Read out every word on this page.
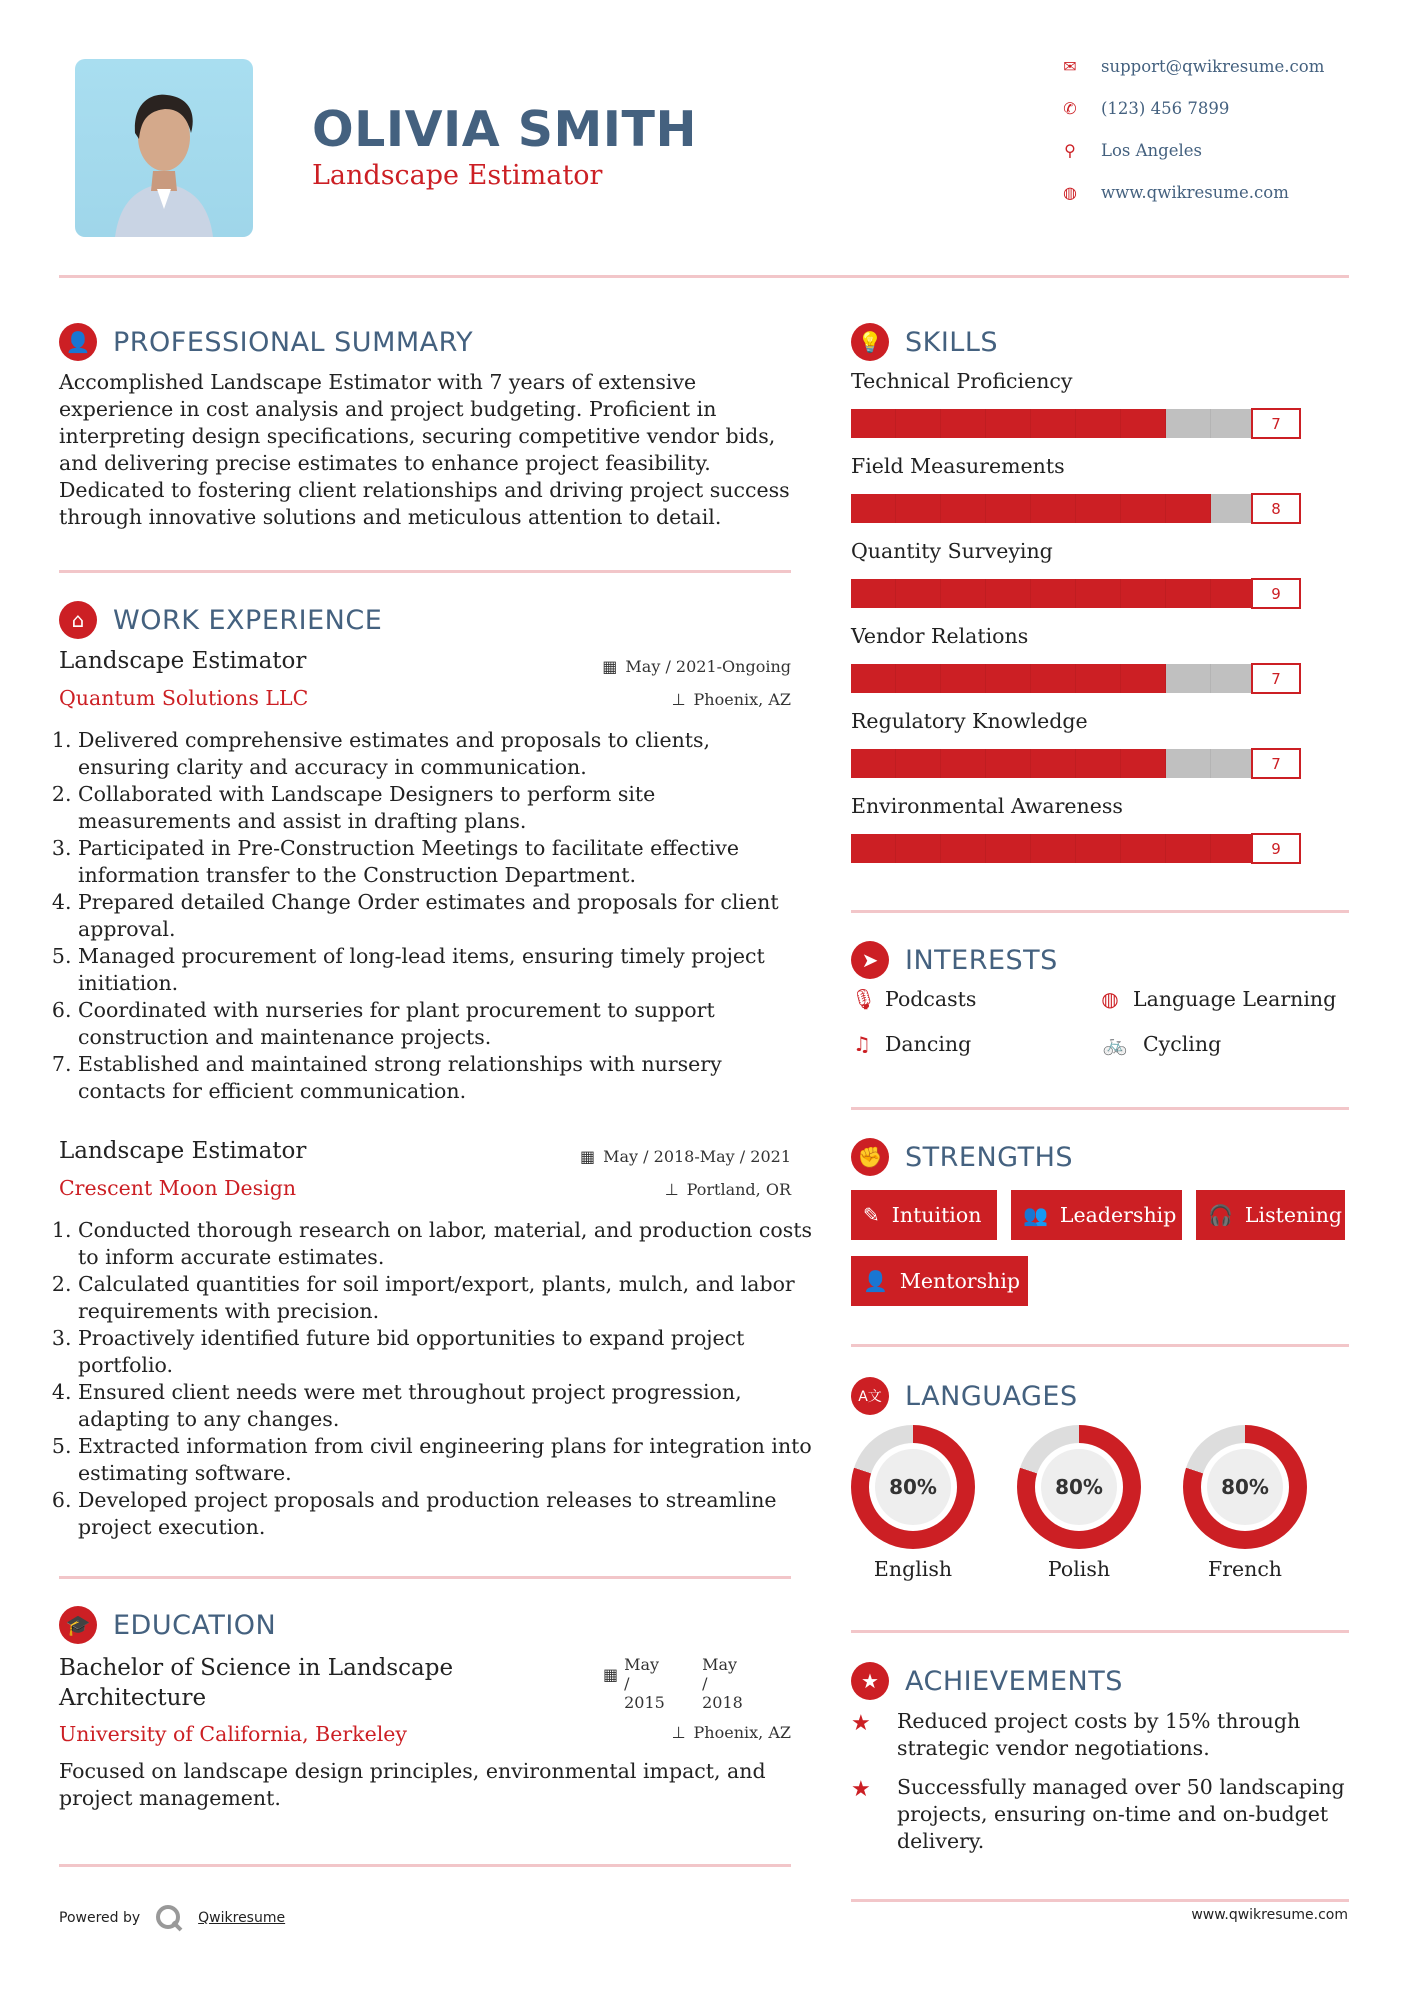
OLIVIA SMITH
Landscape Estimator
✉ support@qwikresume.com
✆ (123) 456 7899
⚲ Los Angeles
◍ www.qwikresume.com
👤 PROFESSIONAL SUMMARY
Accomplished Landscape Estimator with 7 years of extensive experience in cost analysis and project budgeting. Proficient in interpreting design specifications, securing competitive vendor bids, and delivering precise estimates to enhance project feasibility. Dedicated to fostering client relationships and driving project success through innovative solutions and meticulous attention to detail.
⌂	WORK EXPERIENCE
Landscape Estimator
Quantum Solutions LLC
▦ May / 2021-Ongoing
⊥ Phoenix, AZ
1. Delivered comprehensive estimates and proposals to clients, ensuring clarity and accuracy in communication.
2. Collaborated with Landscape Designers to perform site measurements and assist in drafting plans.
3. Participated in Pre-Construction Meetings to facilitate effective information transfer to the Construction Department.
4. Prepared detailed Change Order estimates and proposals for client approval.
5. Managed procurement of long-lead items, ensuring timely project initiation.
6. Coordinated with nurseries for plant procurement to support construction and maintenance projects.
7. Established and maintained strong relationships with nursery contacts for efficient communication.
Landscape Estimator
Crescent Moon Design
▦ May / 2018-May / 2021
⊥ Portland, OR
1. Conducted thorough research on labor, material, and production costs to inform accurate estimates.
2. Calculated quantities for soil import/export, plants, mulch, and labor requirements with precision.
3. Proactively identified future bid opportunities to expand project portfolio.
4. Ensured client needs were met throughout project progression, adapting to any changes.
5. Extracted information from civil engineering plans for integration into estimating software.
6. Developed project proposals and production releases to streamline project execution.
🎓 EDUCATION
Bachelor of Science in Landscape Architecture
University of California, Berkeley
▦
May / 2015
May / 2018
⊥ Phoenix, AZ
Focused on landscape design principles, environmental impact, and project management.
💡 SKILLS
Technical Proficiency
7
Field Measurements
8
Quantity Surveying
9
Vendor Relations
7
Regulatory Knowledge
7
Environmental Awareness
9
➤ INTERESTS
🎙 Podcasts	◍ Language Learning
♫ Dancing	🚲 Cycling
✊ STRENGTHS
✎ Intuition 👥 Leadership 🎧 Listening
👤 Mentorship
A文 LANGUAGES
80%
English
80%
Polish
80%
French
★ ACHIEVEMENTS
★	Reduced project costs by 15% through strategic vendor negotiations.
★	Successfully managed over 50 landscaping projects, ensuring on-time and on-budget delivery.
Powered by	Qwikresume	www.qwikresume.com
